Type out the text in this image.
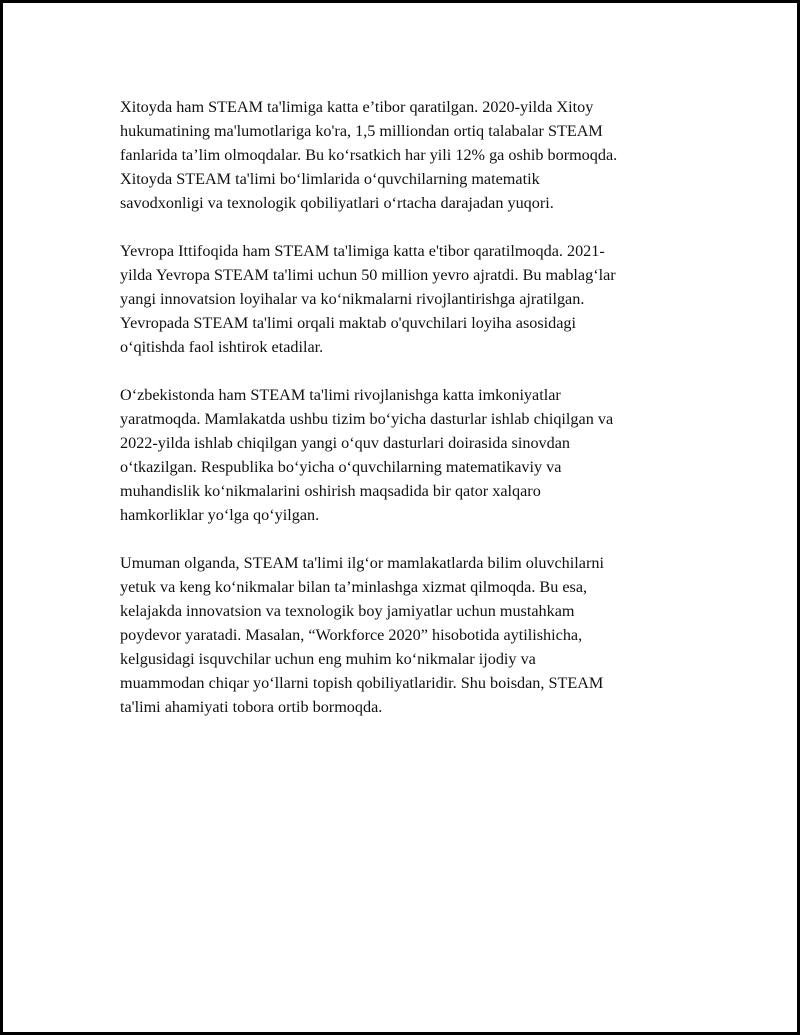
Xitoyda ham STEAM ta'limiga katta e’tibor qaratilgan. 2020-yilda Xitoy
hukumatining ma'lumotlariga ko'ra, 1,5 milliondan ortiq talabalar STEAM
fanlarida ta’lim olmoqdalar. Bu ko‘rsatkich har yili 12% ga oshib bormoqda.
Xitoyda STEAM ta'limi bo‘limlarida o‘quvchilarning matematik
savodxonligi va texnologik qobiliyatlari o‘rtacha darajadan yuqori.

Yevropa Ittifoqida ham STEAM ta'limiga katta e'tibor qaratilmoqda. 2021-
yilda Yevropa STEAM ta'limi uchun 50 million yevro ajratdi. Bu mablag‘lar
yangi innovatsion loyihalar va ko‘nikmalarni rivojlantirishga ajratilgan.
Yevropada STEAM ta'limi orqali maktab o'quvchilari loyiha asosidagi
o‘qitishda faol ishtirok etadilar.

O‘zbekistonda ham STEAM ta'limi rivojlanishga katta imkoniyatlar
yaratmoqda. Mamlakatda ushbu tizim bo‘yicha dasturlar ishlab chiqilgan va
2022-yilda ishlab chiqilgan yangi o‘quv dasturlari doirasida sinovdan
o‘tkazilgan. Respublika bo‘yicha o‘quvchilarning matematikaviy va
muhandislik ko‘nikmalarini oshirish maqsadida bir qator xalqaro
hamkorliklar yo‘lga qo‘yilgan.

Umuman olganda, STEAM ta'limi ilg‘or mamlakatlarda bilim oluvchilarni
yetuk va keng ko‘nikmalar bilan ta’minlashga xizmat qilmoqda. Bu esa,
kelajakda innovatsion va texnologik boy jamiyatlar uchun mustahkam
poydevor yaratadi. Masalan, “Workforce 2020” hisobotida aytilishicha,
kelgusidagi isquvchilar uchun eng muhim ko‘nikmalar ijodiy va
muammodan chiqar yo‘llarni topish qobiliyatlaridir. Shu boisdan, STEAM
ta'limi ahamiyati tobora ortib bormoqda.
